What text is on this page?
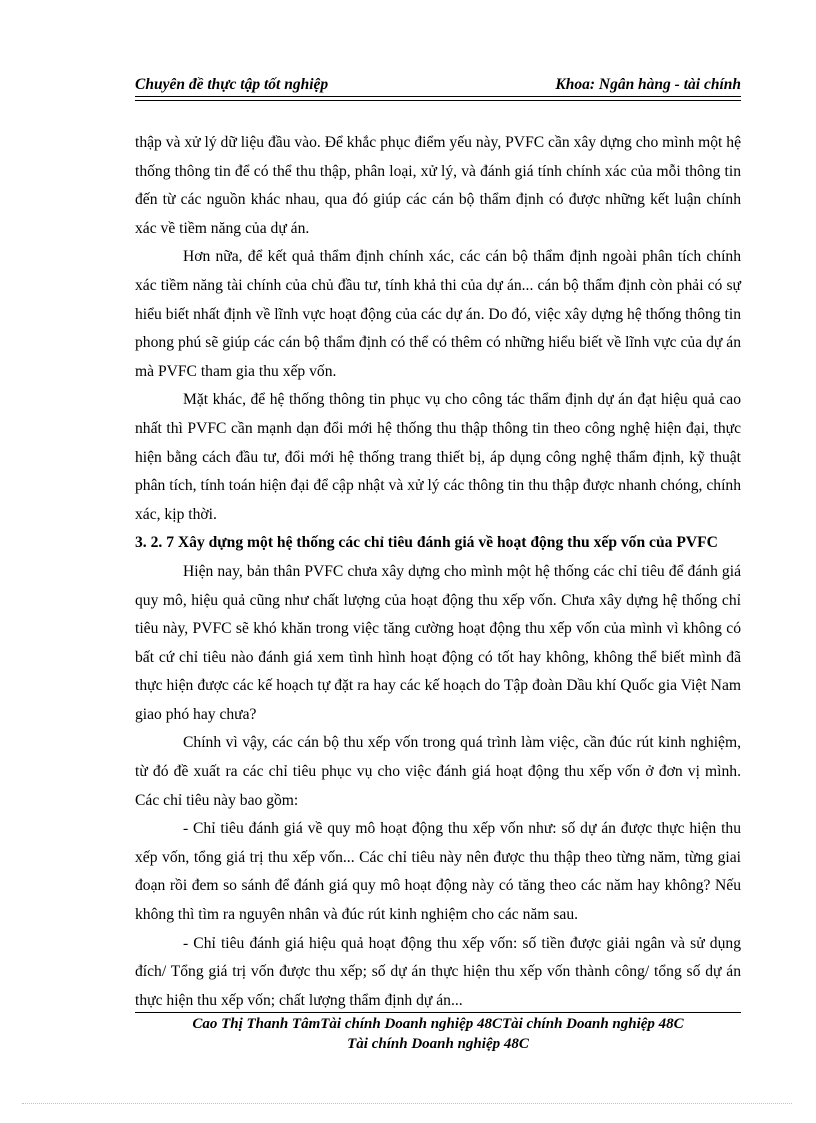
Chuyên đề thực tập tốt nghiệp	Khoa: Ngân hàng - tài chính

thập và xử lý dữ liệu đầu vào. Để khắc phục điểm yếu này, PVFC cần xây dựng cho mình một hệ thống thông tin để có thể thu thập, phân loại, xử lý, và đánh giá tính chính xác của mỗi thông tin đến từ các nguồn khác nhau, qua đó giúp các cán bộ thẩm định có được những kết luận chính xác về tiềm năng của dự án.

Hơn nữa, để kết quả thẩm định chính xác, các cán bộ thẩm định ngoài phân tích chính xác tiềm năng tài chính của chủ đầu tư, tính khả thi của dự án... cán bộ thẩm định còn phải có sự hiểu biết nhất định về lĩnh vực hoạt động của các dự án. Do đó, việc xây dựng hệ thống thông tin phong phú sẽ giúp các cán bộ thẩm định có thể có thêm có những hiểu biết về lĩnh vực của dự án mà PVFC tham gia thu xếp vốn.

Mặt khác, để hệ thống thông tin phục vụ cho công tác thẩm định dự án đạt hiệu quả cao nhất thì PVFC cần mạnh dạn đổi mới hệ thống thu thập thông tin theo công nghệ hiện đại, thực hiện bằng cách đầu tư, đổi mới hệ thống trang thiết bị, áp dụng công nghệ thẩm định, kỹ thuật phân tích, tính toán hiện đại để cập nhật và xử lý các thông tin thu thập được nhanh chóng, chính xác, kịp thời.

3. 2. 7 Xây dựng một hệ thống các chỉ tiêu đánh giá về hoạt động thu xếp vốn của PVFC

Hiện nay, bản thân PVFC chưa xây dựng cho mình một hệ thống các chỉ tiêu để đánh giá quy mô, hiệu quả cũng như chất lượng của hoạt động thu xếp vốn. Chưa xây dựng hệ thống chỉ tiêu này, PVFC sẽ khó khăn trong việc tăng cường hoạt động thu xếp vốn của mình vì không có bất cứ chỉ tiêu nào đánh giá xem tình hình hoạt động có tốt hay không, không thể biết mình đã thực hiện được các kế hoạch tự đặt ra hay các kế hoạch do Tập đoàn Dầu khí Quốc gia Việt Nam giao phó hay chưa?

Chính vì vậy, các cán bộ thu xếp vốn trong quá trình làm việc, cần đúc rút kinh nghiệm, từ đó đề xuất ra các chỉ tiêu phục vụ cho việc đánh giá hoạt động thu xếp vốn ở đơn vị mình. Các chỉ tiêu này bao gồm:

- Chỉ tiêu đánh giá về quy mô hoạt động thu xếp vốn như: số dự án được thực hiện thu xếp vốn, tổng giá trị thu xếp vốn... Các chỉ tiêu này nên được thu thập theo từng năm, từng giai đoạn rồi đem so sánh để đánh giá quy mô hoạt động này có tăng theo các năm hay không? Nếu không thì tìm ra nguyên nhân và đúc rút kinh nghiệm cho các năm sau.

- Chỉ tiêu đánh giá hiệu quả hoạt động thu xếp vốn: số tiền được giải ngân và sử dụng đích/ Tổng giá trị vốn được thu xếp; số dự án thực hiện thu xếp vốn thành công/ tổng số dự án thực hiện thu xếp vốn; chất lượng thẩm định dự án...

Cao Thị Thanh TâmTài chính Doanh nghiệp 48CTài chính Doanh nghiệp 48C
Tài chính Doanh nghiệp 48C
